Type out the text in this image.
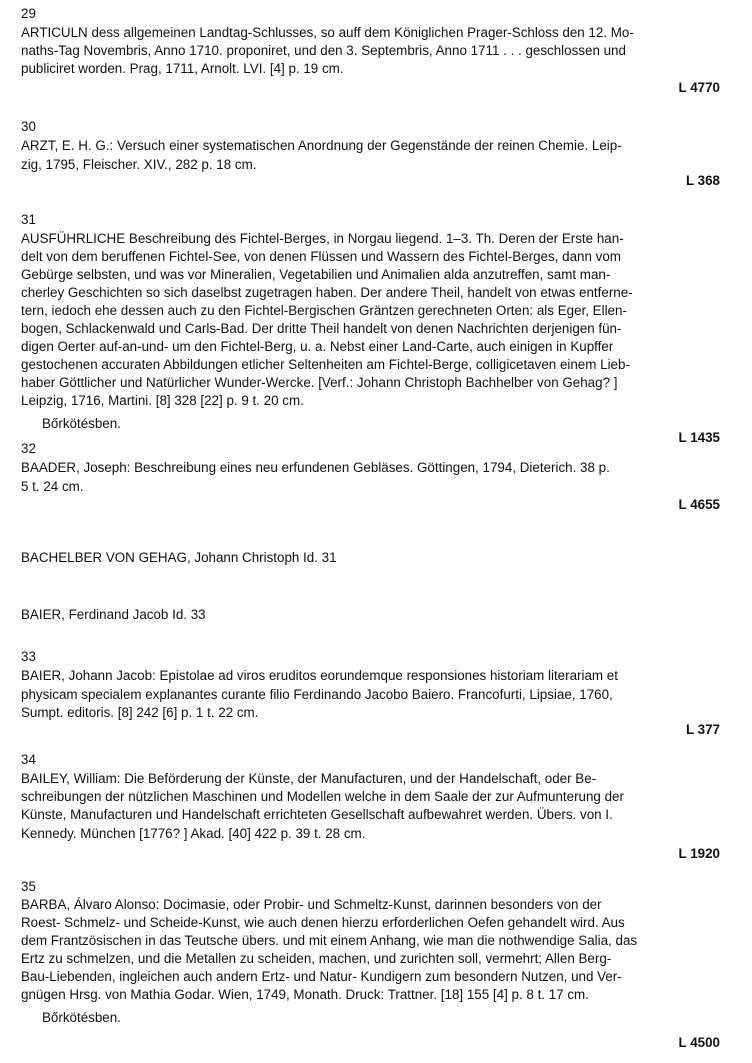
29
ARTICULN dess allgemeinen Landtag-Schlusses, so auff dem Königlichen Prager-Schloss den 12. Mo-
naths-Tag Novembris, Anno 1710. proponiret, und den 3. Septembris, Anno 1711 . . . geschlossen und
publiciret worden. Prag, 1711, Arnolt. LVI. [4] p. 19 cm.
L 4770
30
ARZT, E. H. G.: Versuch einer systematischen Anordnung der Gegenstände der reinen Chemie. Leip-
zig, 1795, Fleischer. XIV., 282 p. 18 cm.
L 368
31
AUSFÜHRLICHE Beschreibung des Fichtel-Berges, in Norgau liegend. 1–3. Th. Deren der Erste han-
delt von dem beruffenen Fichtel-See, von denen Flüssen und Wassern des Fichtel-Berges, dann vom
Gebürge selbsten, und was vor Mineralien, Vegetabilien und Animalien alda anzutreffen, samt man-
cherley Geschichten so sich daselbst zugetragen haben. Der andere Theil, handelt von etwas entferne-
tern, iedoch ehe dessen auch zu den Fichtel-Bergischen Gräntzen gerechneten Orten: als Eger, Ellen-
bogen, Schlackenwald und Carls-Bad. Der dritte Theil handelt von denen Nachrichten derjenigen fün-
digen Oerter auf-an-und- um den Fichtel-Berg, u. a. Nebst einer Land-Carte, auch einigen in Kupffer
gestochenen accuraten Abbildungen etlicher Seltenheiten am Fichtel-Berge, colligicetaven einem Lieb-
haber Göttlicher und Natürlicher Wunder-Wercke. [Verf.: Johann Christoph Bachhelber von Gehag? ]
Leipzig, 1716, Martini. [8] 328 [22] p. 9 t. 20 cm.
Bőrkötésben.
L 1435
32
BAADER, Joseph: Beschreibung eines neu erfundenen Gebläses. Göttingen, 1794, Dieterich. 38 p.
5 t. 24 cm.
L 4655
BACHELBER VON GEHAG, Johann Christoph Id. 31
BAIER, Ferdinand Jacob Id. 33
33
BAIER, Johann Jacob: Epistolae ad viros eruditos eorundemque responsiones historiam literariam et
physicam specialem explanantes curante filio Ferdinando Jacobo Baiero. Francofurti, Lipsiae, 1760,
Sumpt. editoris. [8] 242 [6] p. 1 t. 22 cm.
L 377
34
BAILEY, William: Die Beförderung der Künste, der Manufacturen, und der Handelschaft, oder Be-
schreibungen der nützlichen Maschinen und Modellen welche in dem Saale der zur Aufmunterung der
Künste, Manufacturen und Handelschaft errichteten Gesellschaft aufbewahret werden. Übers. von I.
Kennedy. München [1776? ] Akad. [40] 422 p. 39 t. 28 cm.
L 1920
35
BARBA, Álvaro Alonso: Docimasie, oder Probir- und Schmeltz-Kunst, darinnen besonders von der
Roest- Schmelz- und Scheide-Kunst, wie auch denen hierzu erforderlichen Oefen gehandelt wird. Aus
dem Frantzösischen in das Teutsche übers. und mit einem Anhang, wie man die nothwendige Salia, das
Ertz zu schmelzen, und die Metallen zu scheiden, machen, und zurichten soll, vermehrt; Allen Berg-
Bau-Liebenden, ingleichen auch andern Ertz- und Natur- Kundigern zum besondern Nutzen, und Ver-
gnügen Hrsg. von Mathia Godar. Wien, 1749, Monath. Druck: Trattner. [18] 155 [4] p. 8 t. 17 cm.
Bőrkötésben.
L 4500
